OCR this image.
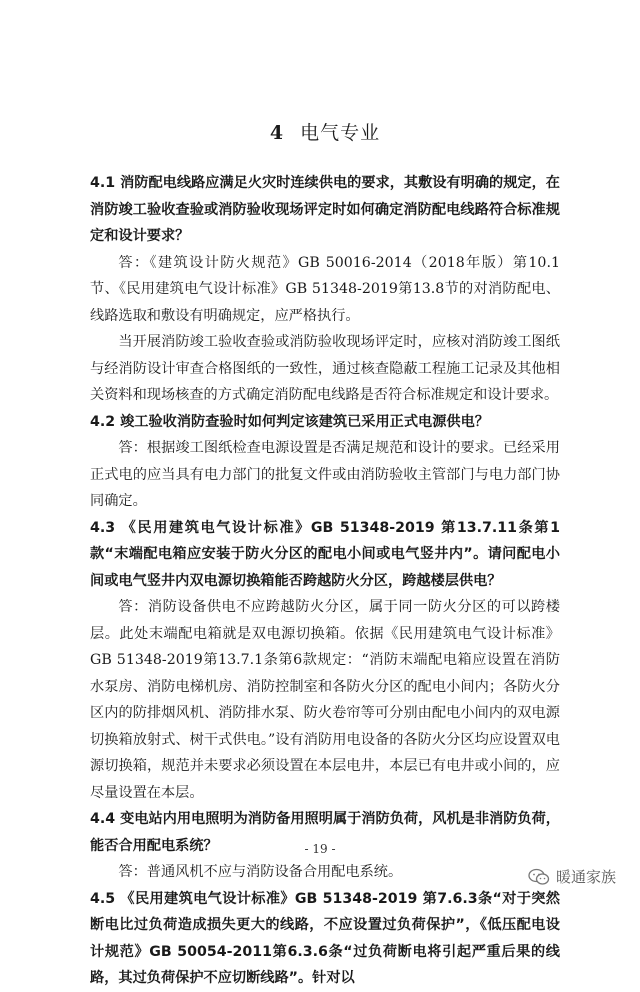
4 电气专业

4.1 消防配电线路应满足火灾时连续供电的要求，其敷设有明确的规定，在消防竣工验收查验或消防验收现场评定时如何确定消防配电线路符合标准规定和设计要求？

答：《建筑设计防火规范》GB 50016-2014（2018年版）第10.1节、《民用建筑电气设计标准》GB 51348-2019第13.8节的对消防配电、线路选取和敷设有明确规定，应严格执行。

当开展消防竣工验收查验或消防验收现场评定时，应核对消防竣工图纸与经消防设计审查合格图纸的一致性，通过核查隐蔽工程施工记录及其他相关资料和现场核查的方式确定消防配电线路是否符合标准规定和设计要求。

4.2 竣工验收消防查验时如何判定该建筑已采用正式电源供电？

答：根据竣工图纸检查电源设置是否满足规范和设计的要求。已经采用正式电的应当具有电力部门的批复文件或由消防验收主管部门与电力部门协同确定。

4.3 《民用建筑电气设计标准》GB 51348-2019 第13.7.11条第1款“末端配电箱应安装于防火分区的配电小间或电气竖井内”。请问配电小间或电气竖井内双电源切换箱能否跨越防火分区，跨越楼层供电？

答：消防设备供电不应跨越防火分区，属于同一防火分区的可以跨楼层。此处末端配电箱就是双电源切换箱。依据《民用建筑电气设计标准》GB 51348-2019第13.7.1条第6款规定：“消防末端配电箱应设置在消防水泵房、消防电梯机房、消防控制室和各防火分区的配电小间内；各防火分区内的防排烟风机、消防排水泵、防火卷帘等可分别由配电小间内的双电源切换箱放射式、树干式供电。”设有消防用电设备的各防火分区均应设置双电源切换箱，规范并未要求必须设置在本层电井，本层已有电井或小间的，应尽量设置在本层。

4.4 变电站内用电照明为消防备用照明属于消防负荷，风机是非消防负荷，能否合用配电系统？

答：普通风机不应与消防设备合用配电系统。

4.5 《民用建筑电气设计标准》GB 51348-2019 第7.6.3条“对于突然断电比过负荷造成损失更大的线路，不应设置过负荷保护”，《低压配电设计规范》GB 50054-2011第6.3.6条“过负荷断电将引起严重后果的线路，其过负荷保护不应切断线路”。针对以

- 19 -
暖通家族
